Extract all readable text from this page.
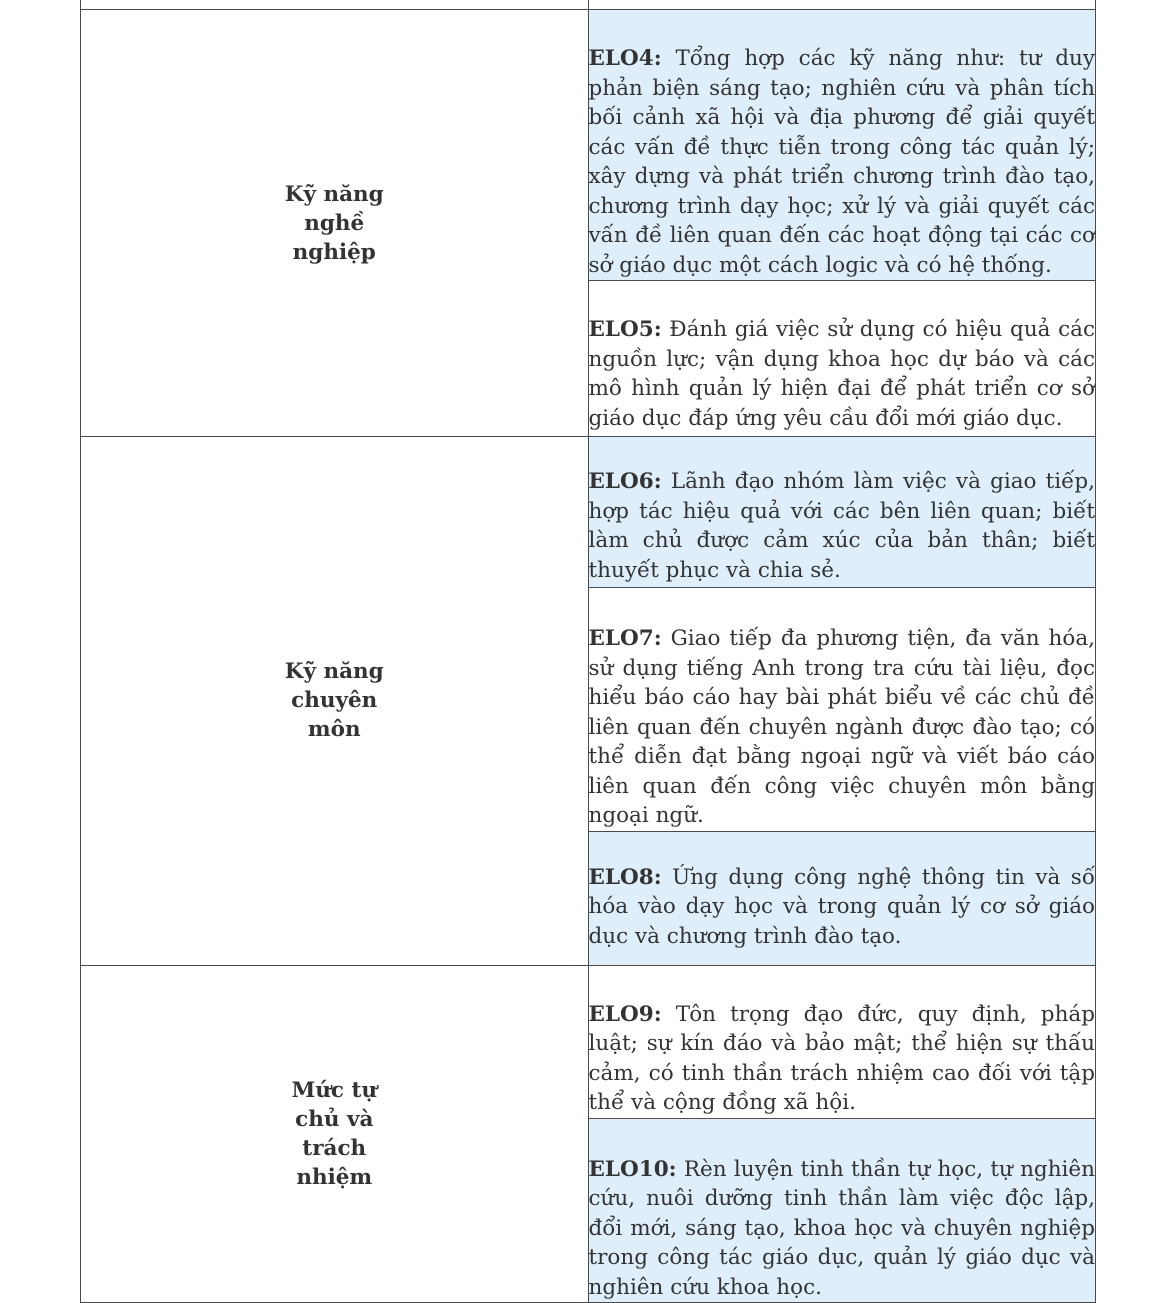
Kỹ năng nghề nghiệp	ELO4: Tổng hợp các kỹ năng như: tư duy phản biện sáng tạo; nghiên cứu và phân tích bối cảnh xã hội và địa phương để giải quyết các vấn đề thực tiễn trong công tác quản lý; xây dựng và phát triển chương trình đào tạo, chương trình dạy học; xử lý và giải quyết các vấn đề liên quan đến các hoạt động tại các cơ sở giáo dục một cách logic và có hệ thống.
	ELO5: Đánh giá việc sử dụng có hiệu quả các nguồn lực; vận dụng khoa học dự báo và các mô hình quản lý hiện đại để phát triển cơ sở giáo dục đáp ứng yêu cầu đổi mới giáo dục.
Kỹ năng chuyên môn	ELO6: Lãnh đạo nhóm làm việc và giao tiếp, hợp tác hiệu quả với các bên liên quan; biết làm chủ được cảm xúc của bản thân; biết thuyết phục và chia sẻ.
	ELO7: Giao tiếp đa phương tiện, đa văn hóa, sử dụng tiếng Anh trong tra cứu tài liệu, đọc hiểu báo cáo hay bài phát biểu về các chủ đề liên quan đến chuyên ngành được đào tạo; có thể diễn đạt bằng ngoại ngữ và viết báo cáo liên quan đến công việc chuyên môn bằng ngoại ngữ.
	ELO8: Ứng dụng công nghệ thông tin và số hóa vào dạy học và trong quản lý cơ sở giáo dục và chương trình đào tạo.
Mức tự chủ và trách nhiệm	ELO9: Tôn trọng đạo đức, quy định, pháp luật; sự kín đáo và bảo mật; thể hiện sự thấu cảm, có tinh thần trách nhiệm cao đối với tập thể và cộng đồng xã hội.
	ELO10: Rèn luyện tinh thần tự học, tự nghiên cứu, nuôi dưỡng tinh thần làm việc độc lập, đổi mới, sáng tạo, khoa học và chuyên nghiệp trong công tác giáo dục, quản lý giáo dục và nghiên cứu khoa học.
